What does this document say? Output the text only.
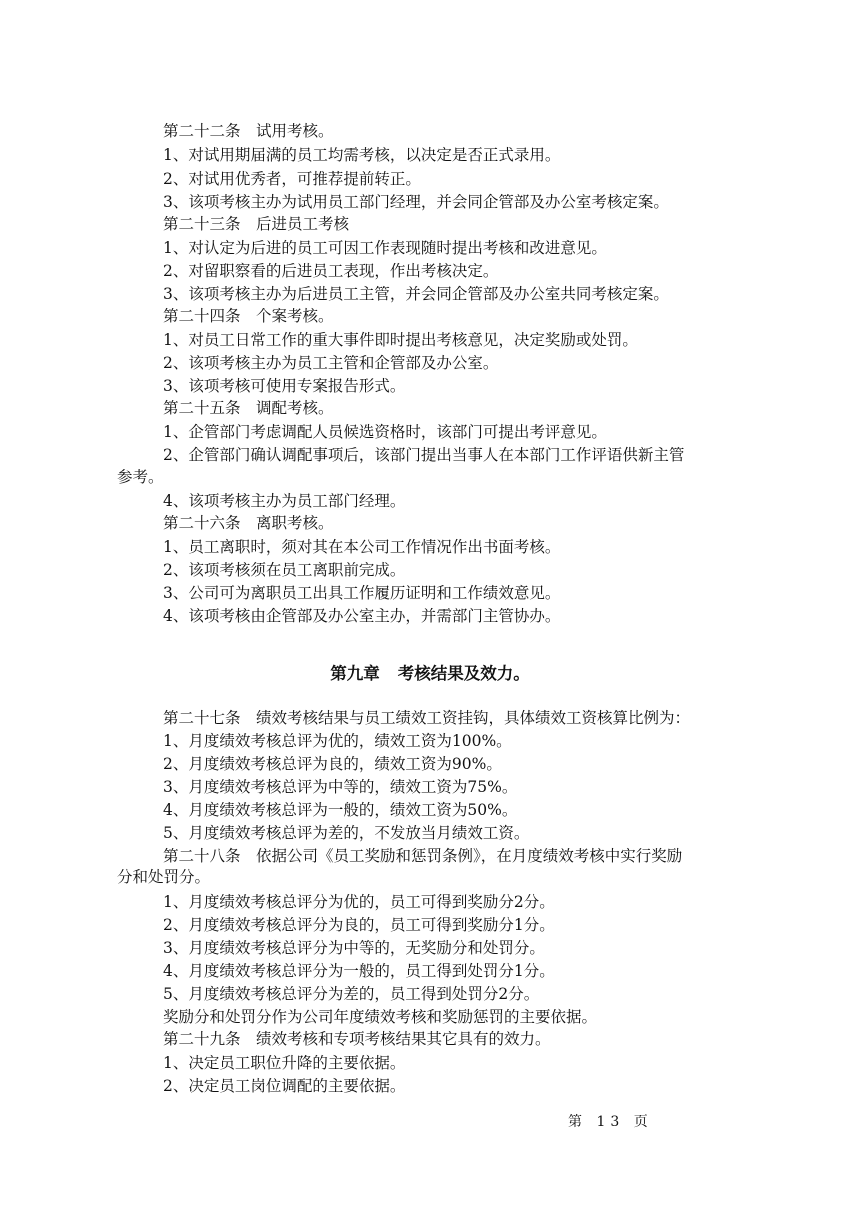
第二十二条　试用考核。

1、对试用期届满的员工均需考核，以决定是否正式录用。

2、对试用优秀者，可推荐提前转正。

3、该项考核主办为试用员工部门经理，并会同企管部及办公室考核定案。

第二十三条　后进员工考核

1、对认定为后进的员工可因工作表现随时提出考核和改进意见。

2、对留职察看的后进员工表现，作出考核决定。

3、该项考核主办为后进员工主管，并会同企管部及办公室共同考核定案。

第二十四条　个案考核。

1、对员工日常工作的重大事件即时提出考核意见，决定奖励或处罚。

2、该项考核主办为员工主管和企管部及办公室。

3、该项考核可使用专案报告形式。

第二十五条　调配考核。

1、企管部门考虑调配人员候选资格时，该部门可提出考评意见。

2、企管部门确认调配事项后，该部门提出当事人在本部门工作评语供新主管

参考。

4、该项考核主办为员工部门经理。

第二十六条　离职考核。

1、员工离职时，须对其在本公司工作情况作出书面考核。

2、该项考核须在员工离职前完成。

3、公司可为离职员工出具工作履历证明和工作绩效意见。

4、该项考核由企管部及办公室主办，并需部门主管协办。

第九章 考核结果及效力。

第二十七条　绩效考核结果与员工绩效工资挂钩，具体绩效工资核算比例为：

1、月度绩效考核总评为优的，绩效工资为100%。

2、月度绩效考核总评为良的，绩效工资为90%。

3、月度绩效考核总评为中等的，绩效工资为75%。

4、月度绩效考核总评为一般的，绩效工资为50%。

5、月度绩效考核总评为差的，不发放当月绩效工资。

第二十八条　依据公司《员工奖励和惩罚条例》，在月度绩效考核中实行奖励

分和处罚分。

1、月度绩效考核总评分为优的，员工可得到奖励分2分。

2、月度绩效考核总评分为良的，员工可得到奖励分1分。

3、月度绩效考核总评分为中等的，无奖励分和处罚分。

4、月度绩效考核总评分为一般的，员工得到处罚分1分。

5、月度绩效考核总评分为差的，员工得到处罚分2分。

奖励分和处罚分作为公司年度绩效考核和奖励惩罚的主要依据。

第二十九条　绩效考核和专项考核结果其它具有的效力。

1、决定员工职位升降的主要依据。

2、决定员工岗位调配的主要依据。

第 13 页
